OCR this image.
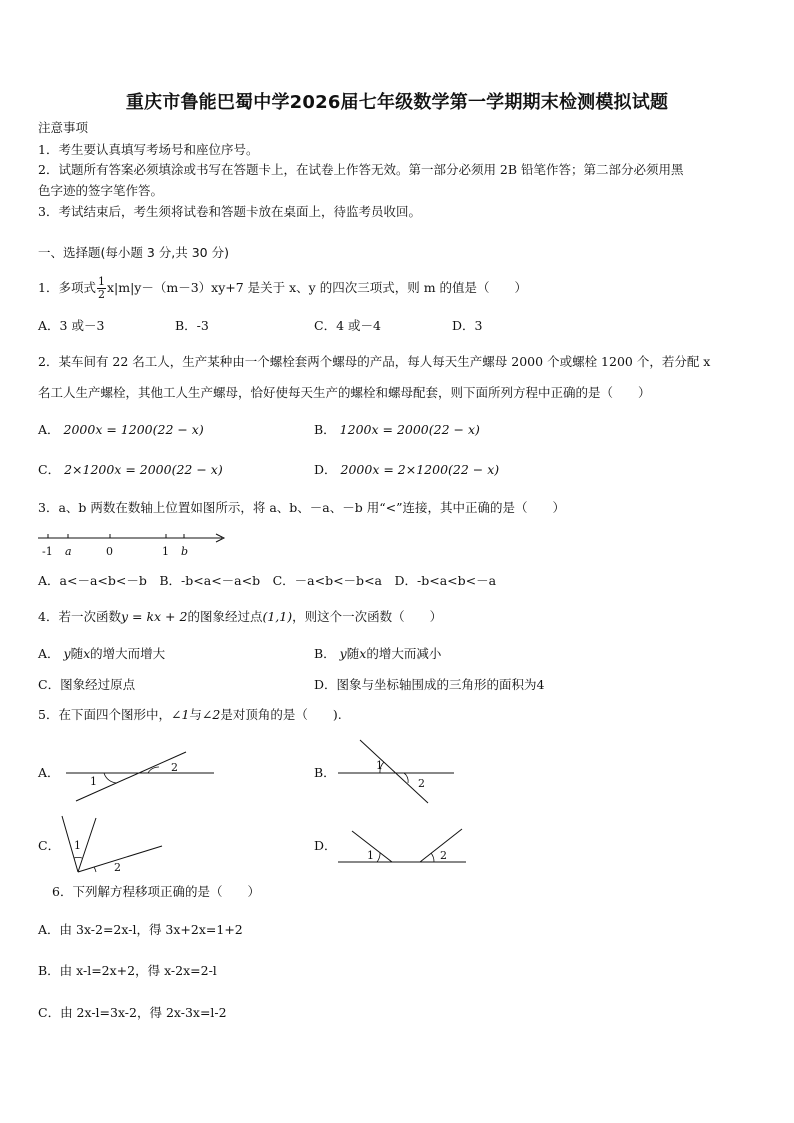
重庆市鲁能巴蜀中学2026届七年级数学第一学期期末检测模拟试题
注意事项
1．考生要认真填写考场号和座位序号。
2．试题所有答案必须填涂或书写在答题卡上，在试卷上作答无效。第一部分必须用 2B 铅笔作答；第二部分必须用黑
色字迹的签字笔作答。
3．考试结束后，考生须将试卷和答题卡放在桌面上，待监考员收回。
一、选择题(每小题 3 分,共 30 分)
1．多项式 $\frac{1}{2} x|m|y-(m-3)xy+7$ 是关于 x、y 的四次三项式，则 m 的值是（　　）
A．3 或－3	B．-3	C．4 或－4	D．3
2．某车间有 22 名工人，生产某种由一个螺栓套两个螺母的产品，每人每天生产螺母 2000 个或螺栓 1200 个，若分配 x
名工人生产螺栓，其他工人生产螺母，恰好使每天生产的螺栓和螺母配套，则下面所列方程中正确的是（　　）
A． 2000x = 1200(22 − x)	B． 1200x = 2000(22 − x)
C． 2×1200x = 2000(22 − x)	D． 2000x = 2×1200(22 − x)
3．a、b 两数在数轴上位置如图所示，将 a、b、－a、－b 用“<”连接，其中正确的是（　　）
-1 a	0	1 b
A．a<－a<b<－b　B．-b<a<－a<b　C．－a<b<－b<a　D．-b<a<b<－a
4．若一次函数y = kx + 2的图象经过点(1,1)，则这个一次函数（　　）
A． y随x的增大而增大	B． y随x的增大而减小
C．图象经过原点	D．图象与坐标轴围成的三角形的面积为4
5．在下面四个图形中，∠1与∠2是对顶角的是（　　).
A．	B．
C．	D．
1
2	1
2
1
2
1	2
6．下列解方程移项正确的是（　　）
A．由 3x-2=2x-l，得 3x+2x=1+2
B．由 x-l=2x+2，得 x-2x=2-l
C．由 2x-l=3x-2，得 2x-3x=l-2
